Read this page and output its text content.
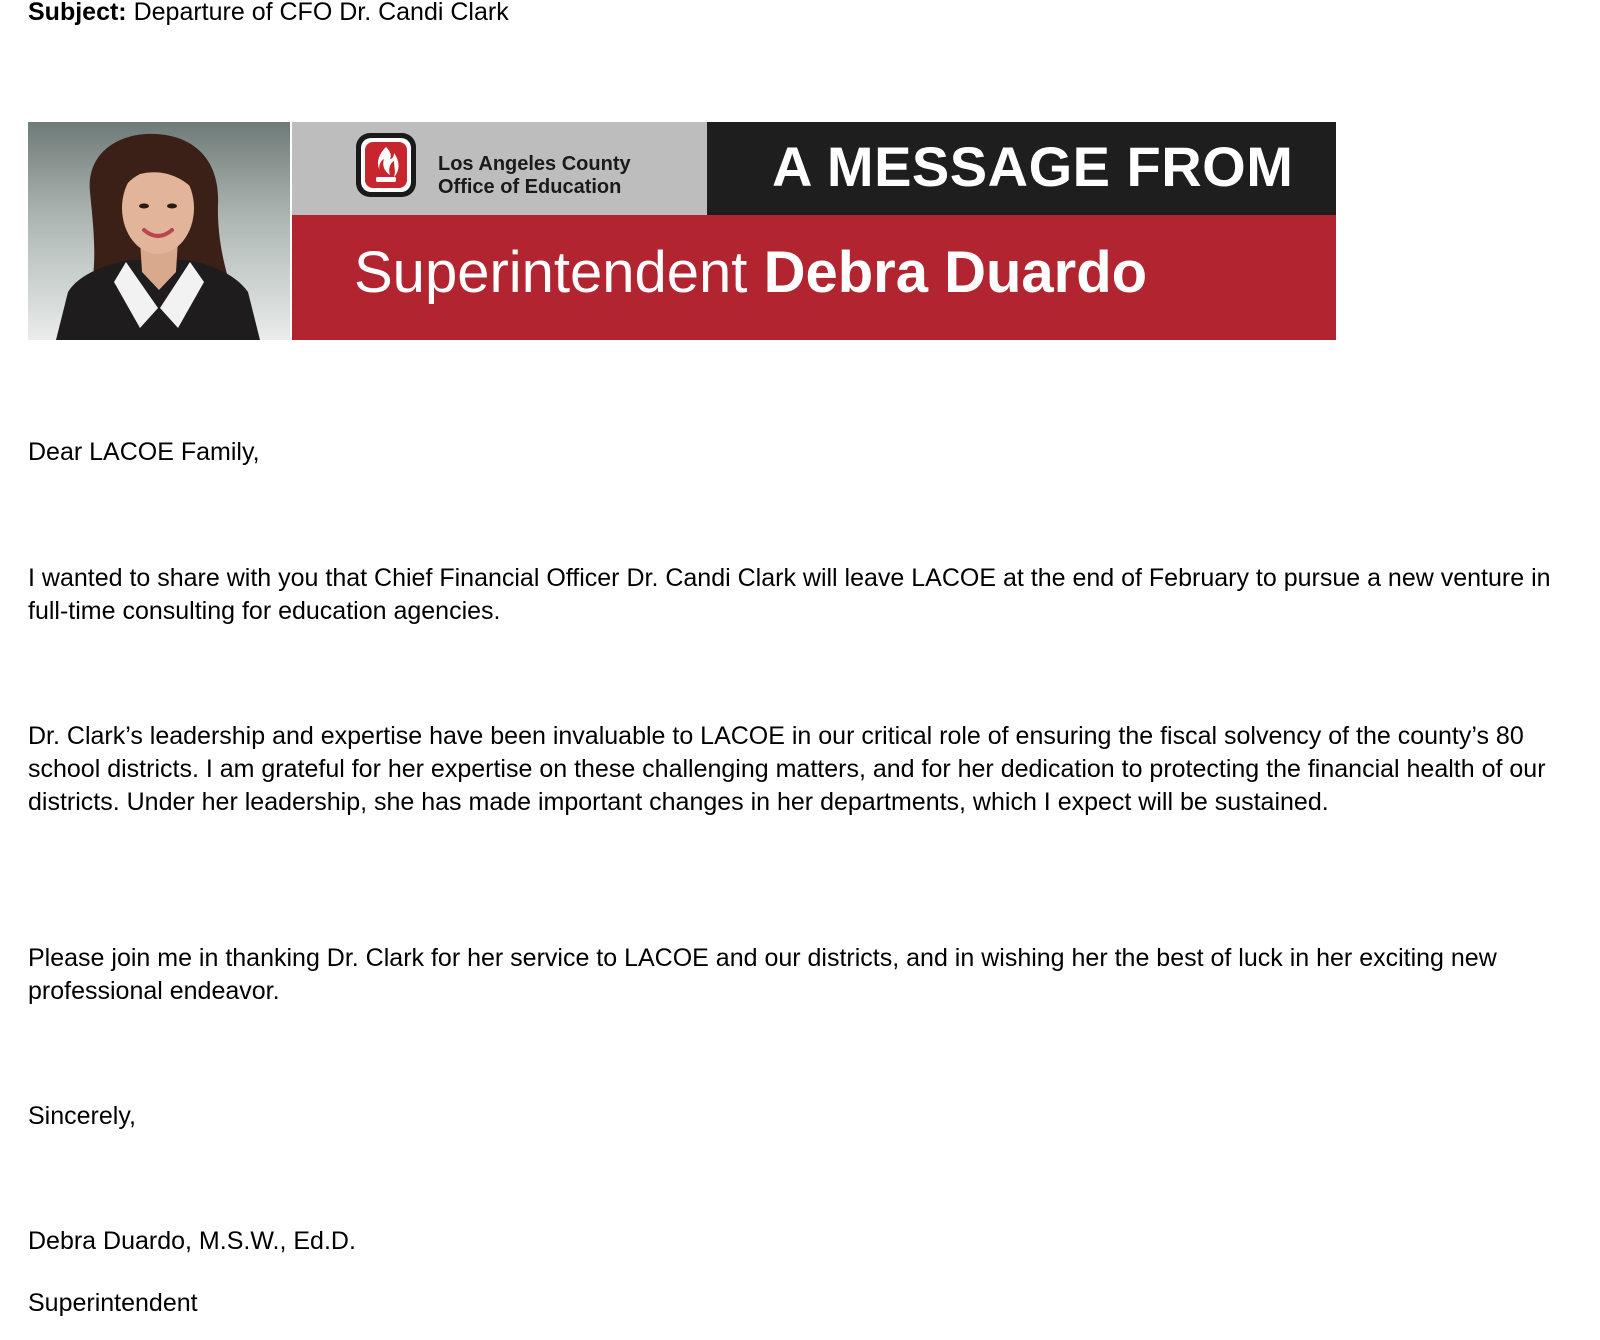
Subject: Departure of CFO Dr. Candi Clark
Los Angeles County
Office of Education	A MESSAGE FROM
Superintendent Debra Duardo

Dear LACOE Family,

I wanted to share with you that Chief Financial Officer Dr. Candi Clark will leave LACOE at the end of February to pursue a new venture in full-time consulting for education agencies.

Dr. Clark’s leadership and expertise have been invaluable to LACOE in our critical role of ensuring the fiscal solvency of the county’s 80 school districts. I am grateful for her expertise on these challenging matters, and for her dedication to protecting the financial health of our districts. Under her leadership, she has made important changes in her departments, which I expect will be sustained.

Please join me in thanking Dr. Clark for her service to LACOE and our districts, and in wishing her the best of luck in her exciting new professional endeavor.

Sincerely,

Debra Duardo, M.S.W., Ed.D.

Superintendent
